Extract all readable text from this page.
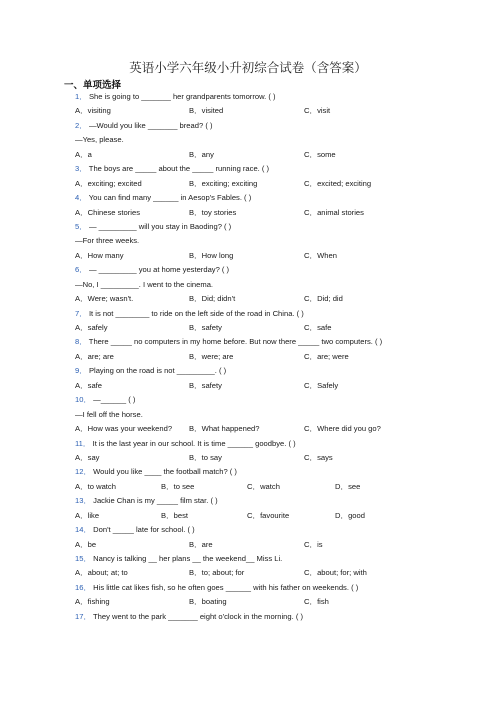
英语小学六年级小升初综合试卷（含答案）
一、单项选择
1． She is going to _______ her grandparents tomorrow. ( )
A．visiting	B．visited	C．visit
2． —Would you like _______ bread? ( )
—Yes, please.
A．a	B．any	C．some
3． The boys are _____ about the _____ running race. ( )
A．exciting; excited	B．exciting; exciting	C．excited; exciting
4． You can find many ______ in Aesop's Fables. ( )
A．Chinese stories	B．toy stories	C．animal stories
5． — _________ will you stay in Baoding? ( )
—For three weeks.
A．How many	B．How long	C．When
6． — _________ you at home yesterday? ( )
—No, I _________. I went to the cinema.
A．Were; wasn't.	B．Did; didn't	C．Did; did
7． It is not ________ to ride on the left side of the road in China. ( )
A．safely	B．safety	C．safe
8． There _____ no computers in my home before. But now there _____ two computers. ( )
A．are; are	B．were; are	C．are; were
9． Playing on the road is not _________. ( )
A．safe	B．safety	C．Safely
10． —______ ( )
—I fell off the horse.
A．How was your weekend? B．What happened?	C．Where did you go?
11． It is the last year in our school. It is time ______ goodbye. ( )
A．say	B．to say	C．says
12． Would you like ____ the football match? ( )
A．to watch	B．to see	C．watch	D．see
13． Jackie Chan is my _____ film star. ( )
A．like	B．best	C．favourite	D．good
14． Don't _____ late for school. ( )
A．be	B．are	C．is
15． Nancy is talking __ her plans __ the weekend__ Miss Li.
A．about; at; to	B．to; about; for	C．about; for; with
16． His little cat likes fish, so he often goes ______ with his father on weekends. ( )
A．fishing	B．boating	C．fish
17． They went to the park _______ eight o'clock in the morning. ( )
